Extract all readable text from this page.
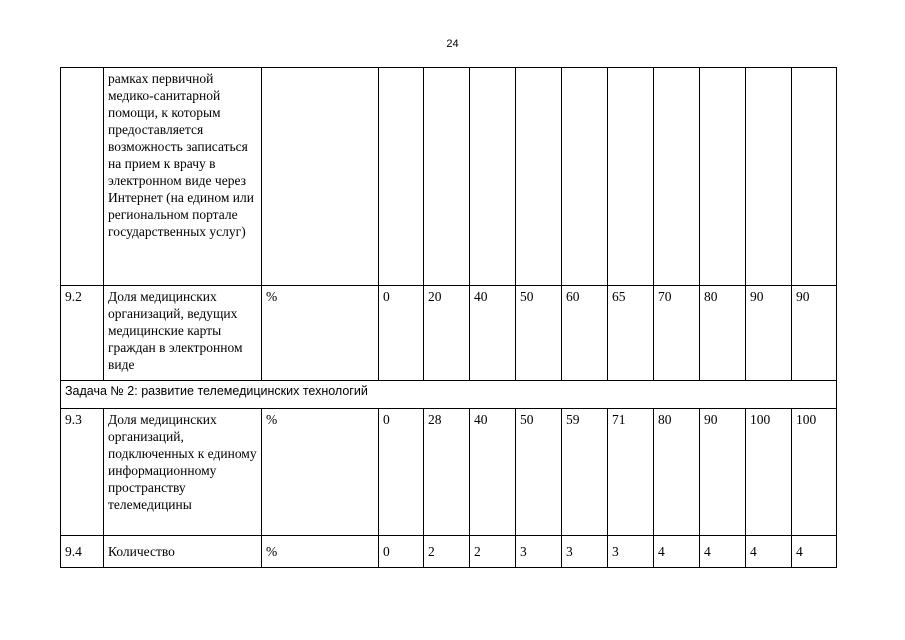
24
	рамках первичной медико-санитарной помощи, к которым предоставляется возможность записаться на прием к врачу в электронном виде через Интернет (на едином или региональном портале государственных услуг)											
9.2	Доля медицинских организаций, ведущих медицинские карты граждан в электронном виде	%	0	20	40	50	60	65	70	80	90	90
Задача № 2: развитие телемедицинских технологий												
9.3	Доля медицинских организаций, подключенных к единому информационному пространству телемедицины	%	0	28	40	50	59	71	80	90	100	100
9.4	Количество	%	0	2	2	3	3	3	4	4	4	4
